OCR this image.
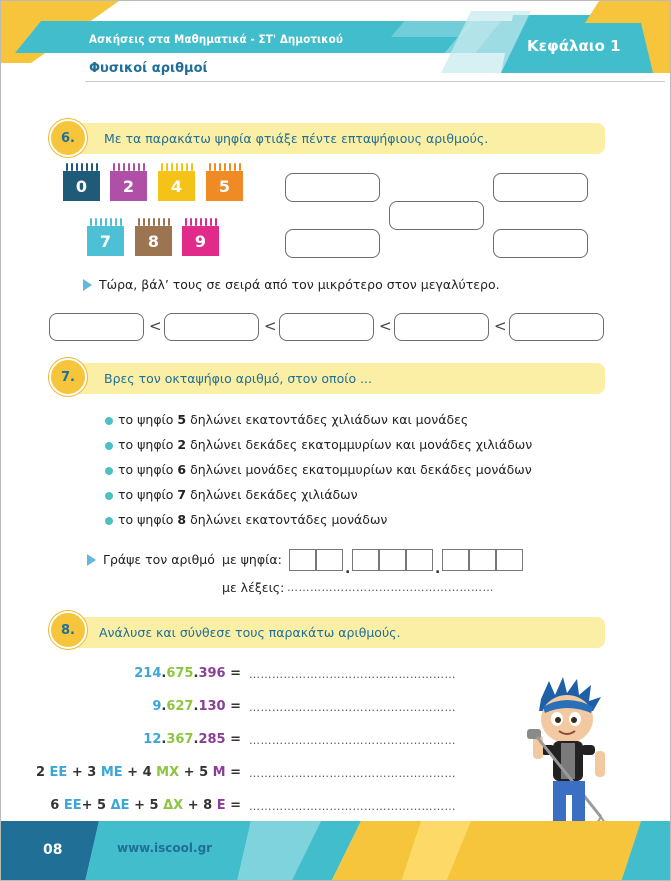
Ασκήσεις στα Μαθηματικά - ΣΤ' Δημοτικού	Κεφάλαιο 1
Φυσικοί αριθμοί
6.	Με τα παρακάτω ψηφία φτιάξε πέντε επταψήφιους αριθμούς.
0	2	4	5
7	8	9
Τώρα, βάλ’ τους σε σειρά από τον μικρότερο στον μεγαλύτερο.
<	<	<	<
7.	Βρες τον οκταψήφιο αριθμό, στον οποίο ...
το ψηφίο 5 δηλώνει εκατοντάδες χιλιάδων και μονάδες
το ψηφίο 2 δηλώνει δεκάδες εκατομμυρίων και μονάδες χιλιάδων
το ψηφίο 6 δηλώνει μονάδες εκατομμυρίων και δεκάδες μονάδων
το ψηφίο 7 δηλώνει δεκάδες χιλιάδων
το ψηφίο 8 δηλώνει εκατοντάδες μονάδων
Γράψε τον αριθμό με ψηφία:
.	.
με λέξεις: ………………………………………………
8.	Ανάλυσε και σύνθεσε τους παρακάτω αριθμούς.
214.675.396 = ………………………………………………
9.627.130 = ………………………………………………
12.367.285 = ………………………………………………
2 ΕΕ + 3 ΜΕ + 4 ΜΧ + 5 Μ = ………………………………………………
6 ΕΕ+ 5 ΔΕ + 5 ΔΧ + 8 Ε = ………………………………………………
08	www.iscool.gr
